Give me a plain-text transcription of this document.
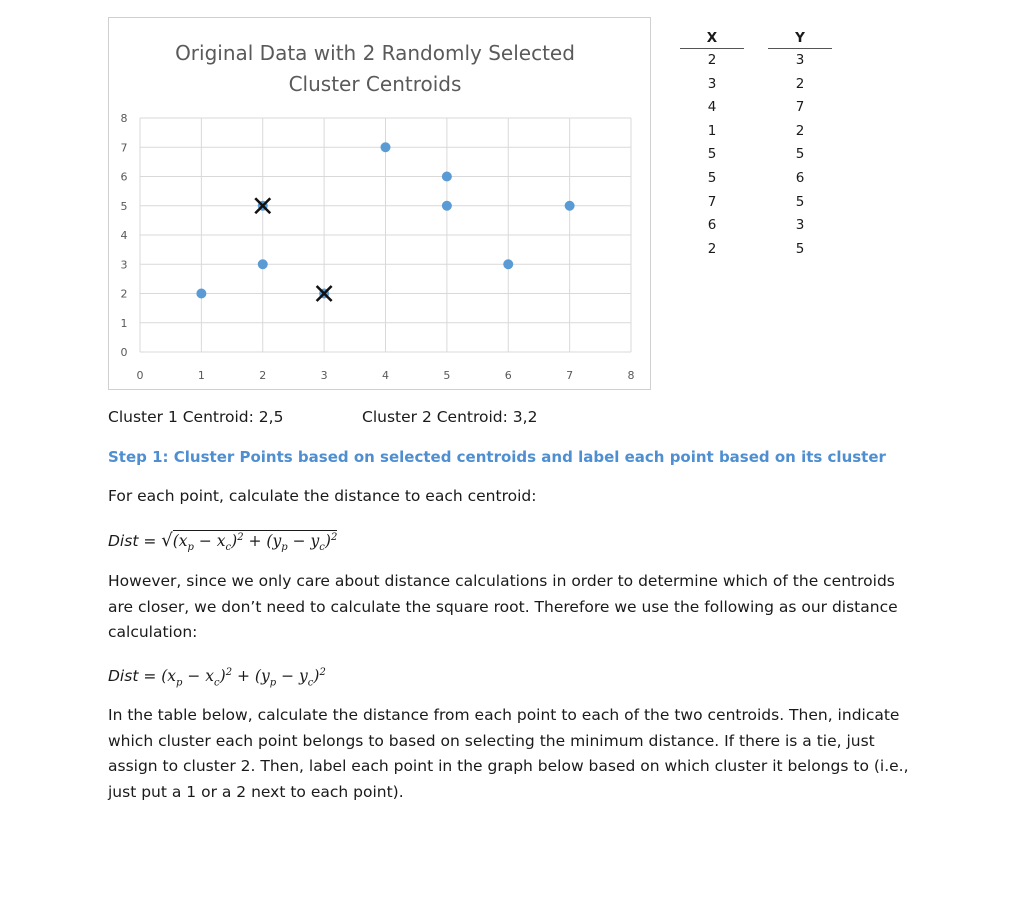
0	1	2	3	4	5	6	7	8
0
1
2
3
4
5
6
7
8
Original Data with 2 Randomly Selected
Cluster Centroids
X	Y
2	3
3	2
4	7
1	2
5	5
5	6
7	5
6	3
2	5
Cluster 1 Centroid: 2,5	Cluster 2 Centroid: 3,2
Step 1: Cluster Points based on selected centroids and label each point based on its cluster
For each point, calculate the distance to each centroid:
Dist = $√(x_p - x_c)^2 + (y_p - y_c)^2$
However, since we only care about distance calculations in order to determine which of the centroids are closer, we don’t need to calculate the square root. Therefore we use the following as our distance calculation:
Dist = $(x_p - x_c)^2 + (y_p - y_c)^2$
In the table below, calculate the distance from each point to each of the two centroids. Then, indicate which cluster each point belongs to based on selecting the minimum distance. If there is a tie, just assign to cluster 2. Then, label each point in the graph below based on which cluster it belongs to (i.e., just put a 1 or a 2 next to each point).
